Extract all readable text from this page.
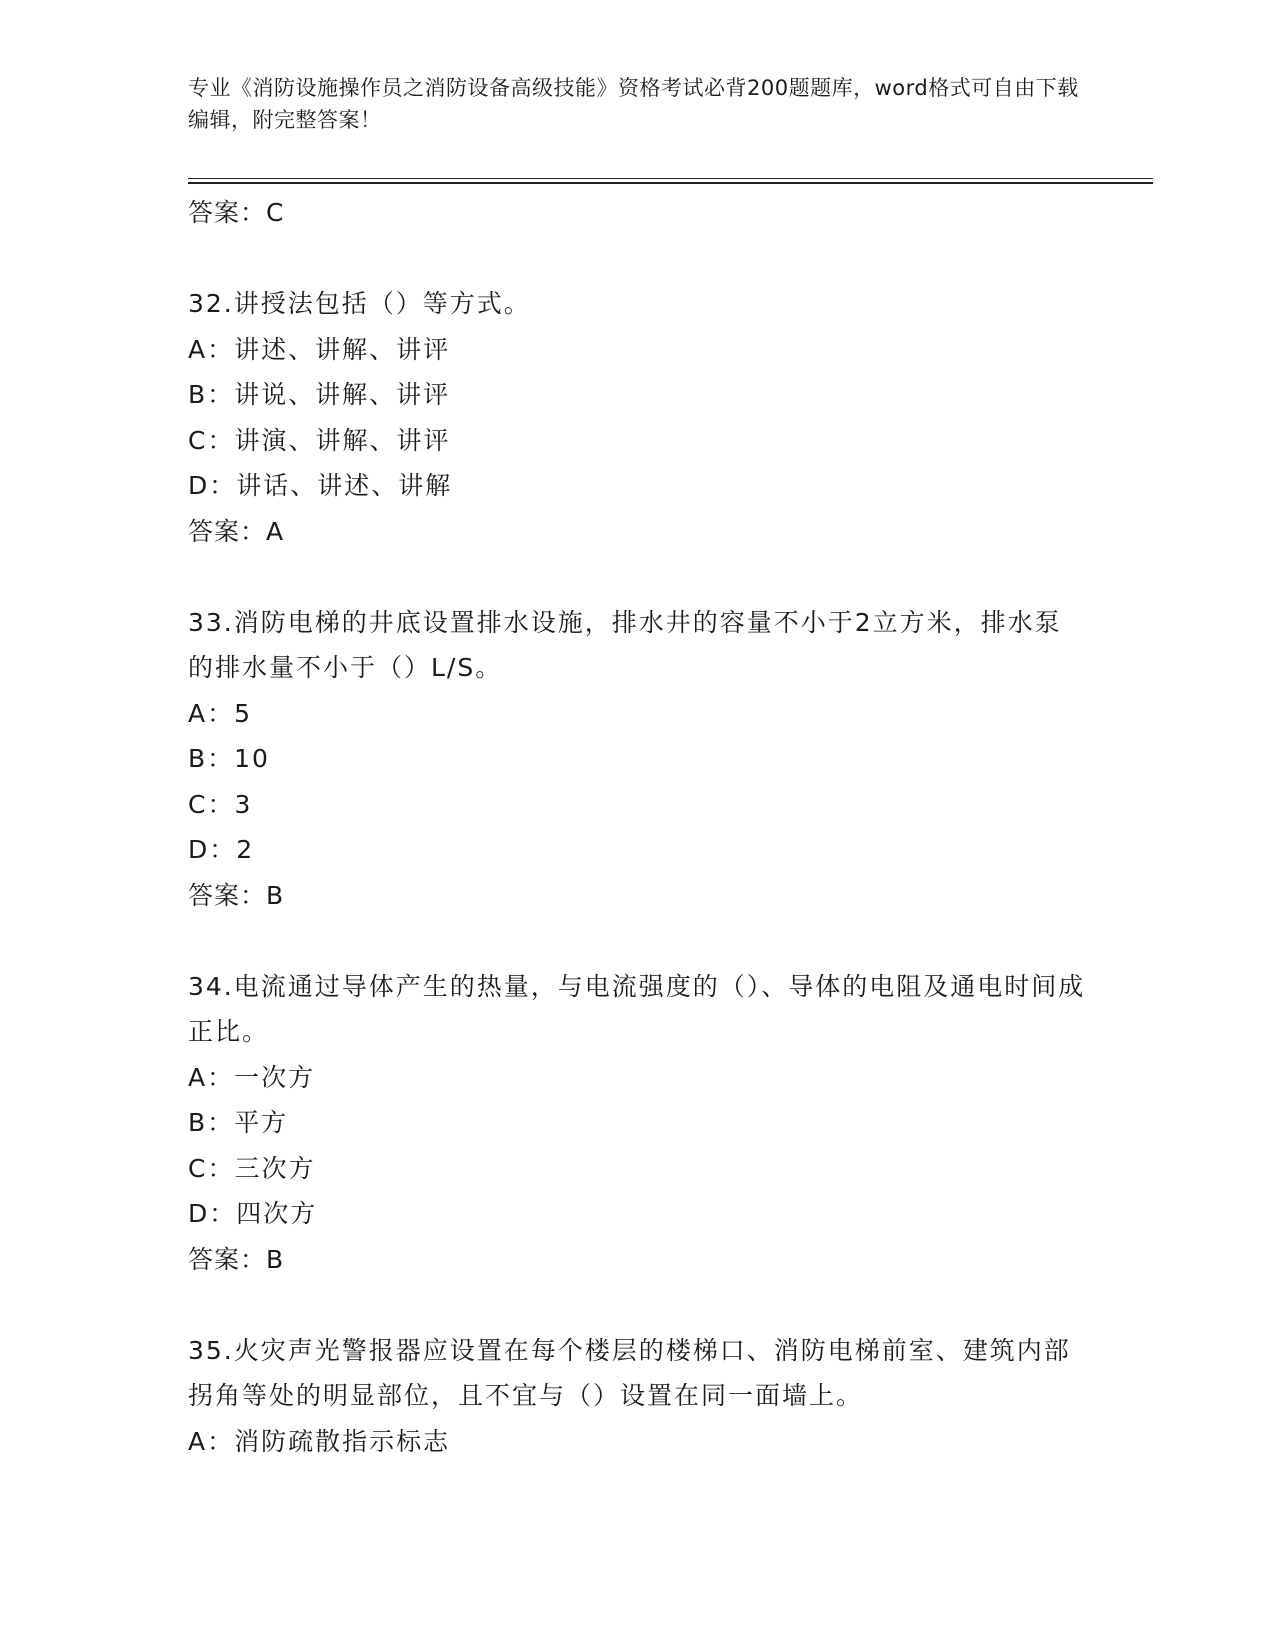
专业《消防设施操作员之消防设备高级技能》资格考试必背200题题库，word格式可自由下载编辑，附完整答案！
答案：C
32.讲授法包括（）等方式。
A：讲述、讲解、讲评
B：讲说、讲解、讲评
C：讲演、讲解、讲评
D：讲话、讲述、讲解
答案：A
33.消防电梯的井底设置排水设施，排水井的容量不小于2立方米，排水泵的排水量不小于（）L/S。
A：5
B：10
C：3
D：2
答案：B
34.电流通过导体产生的热量，与电流强度的（）、导体的电阻及通电时间成正比。
A：一次方
B：平方
C：三次方
D：四次方
答案：B
35.火灾声光警报器应设置在每个楼层的楼梯口、消防电梯前室、建筑内部拐角等处的明显部位，且不宜与（）设置在同一面墙上。
A：消防疏散指示标志
